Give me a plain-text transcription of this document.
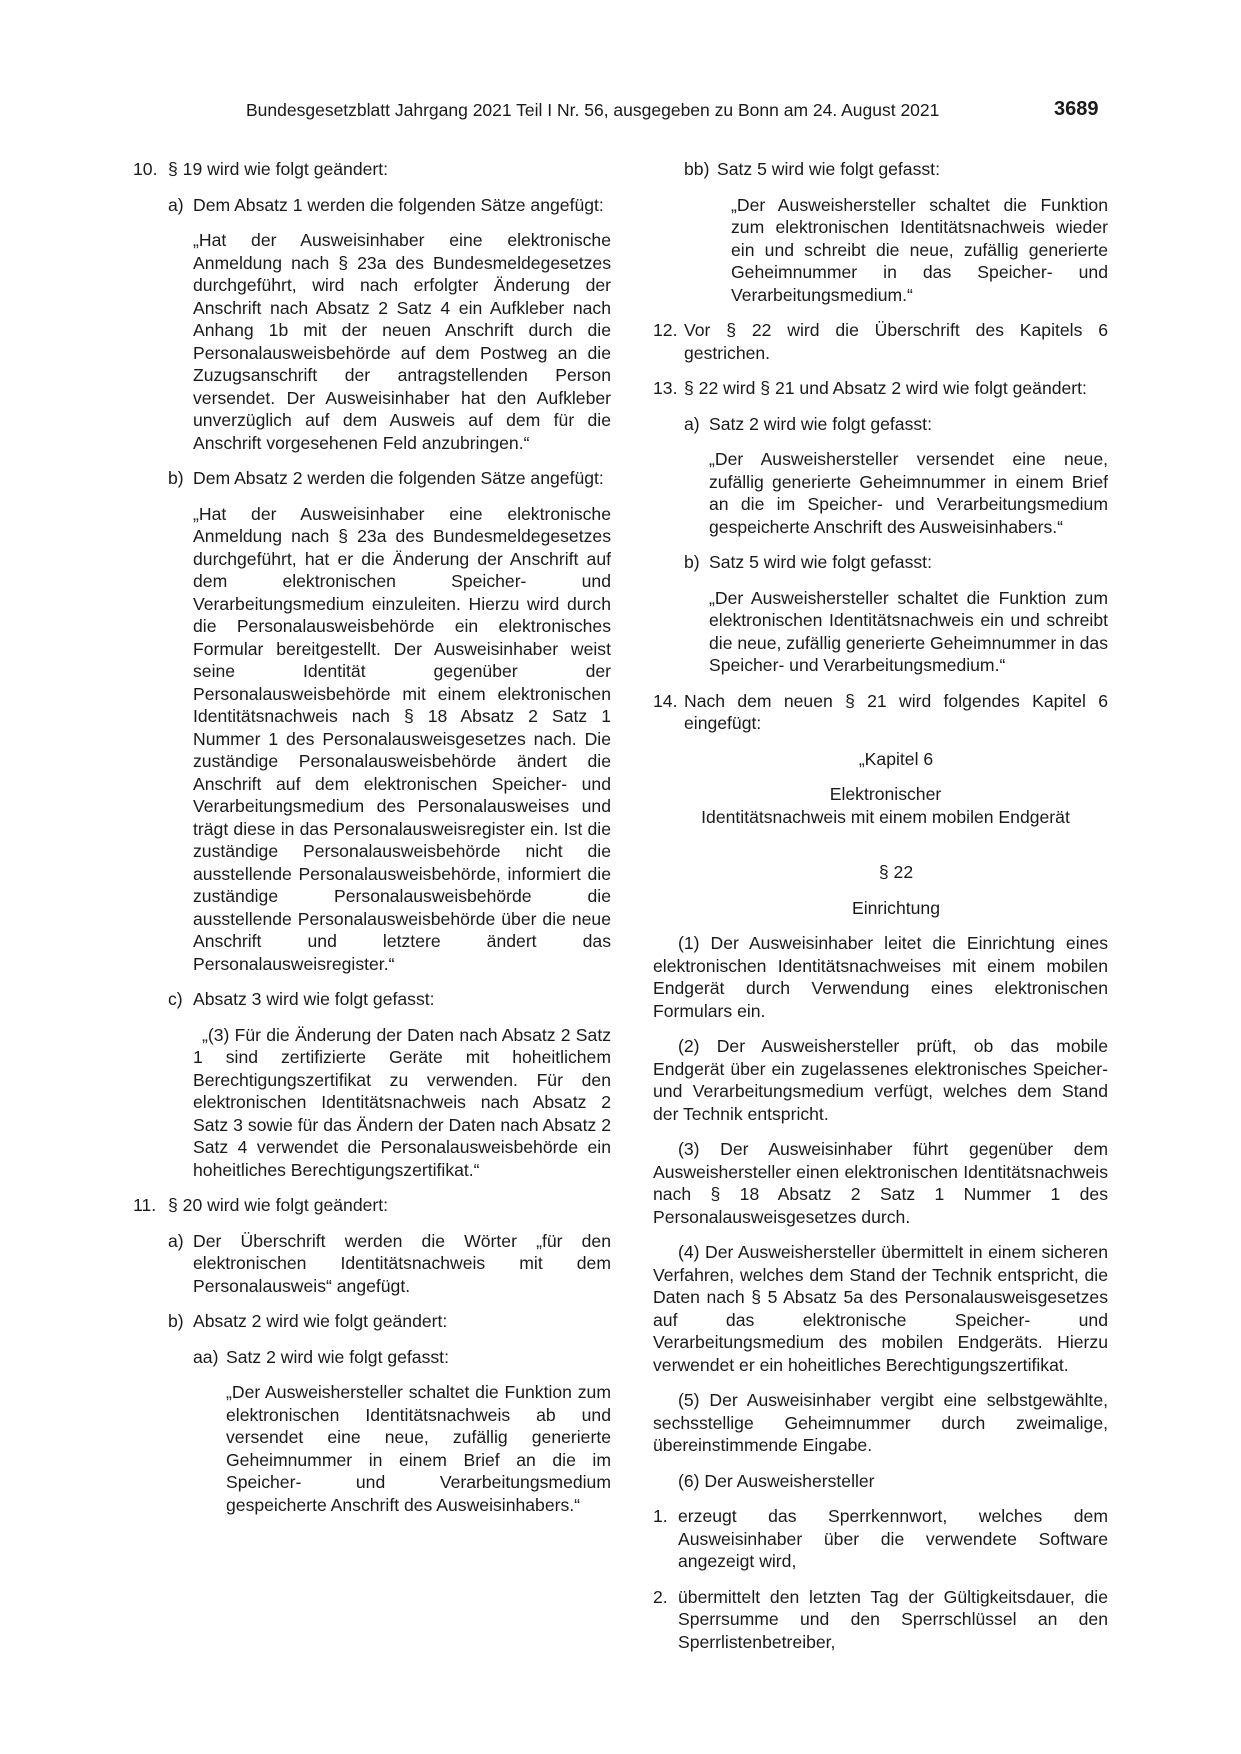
Bundesgesetzblatt Jahrgang 2021 Teil I Nr. 56, ausgegeben zu Bonn am 24. August 2021	3689
10. § 19 wird wie folgt geändert:
a) Dem Absatz 1 werden die folgenden Sätze angefügt:
„Hat der Ausweisinhaber eine elektronische Anmeldung nach § 23a des Bundesmeldegesetzes durchgeführt, wird nach erfolgter Änderung der Anschrift nach Absatz 2 Satz 4 ein Aufkleber nach Anhang 1b mit der neuen Anschrift durch die Personalausweisbehörde auf dem Postweg an die Zuzugsanschrift der antragstellenden Person versendet. Der Ausweisinhaber hat den Aufkleber unverzüglich auf dem Ausweis auf dem für die Anschrift vorgesehenen Feld anzubringen.“
b) Dem Absatz 2 werden die folgenden Sätze angefügt:
„Hat der Ausweisinhaber eine elektronische Anmeldung nach § 23a des Bundesmeldegesetzes durchgeführt, hat er die Änderung der Anschrift auf dem elektronischen Speicher- und Verarbeitungsmedium einzuleiten. Hierzu wird durch die Personalausweisbehörde ein elektronisches Formular bereitgestellt. Der Ausweisinhaber weist seine Identität gegenüber der Personalausweisbehörde mit einem elektronischen Identitätsnachweis nach § 18 Absatz 2 Satz 1 Nummer 1 des Personalausweisgesetzes nach. Die zuständige Personalausweisbehörde ändert die Anschrift auf dem elektronischen Speicher- und Verarbeitungsmedium des Personalausweises und trägt diese in das Personalausweisregister ein. Ist die zuständige Personalausweisbehörde nicht die ausstellende Personalausweisbehörde, informiert die zuständige Personalausweisbehörde die ausstellende Personalausweisbehörde über die neue Anschrift und letztere ändert das Personalausweisregister.“
c) Absatz 3 wird wie folgt gefasst:
„(3) Für die Änderung der Daten nach Absatz 2 Satz 1 sind zertifizierte Geräte mit hoheitlichem Berechtigungszertifikat zu verwenden. Für den elektronischen Identitätsnachweis nach Absatz 2 Satz 3 sowie für das Ändern der Daten nach Absatz 2 Satz 4 verwendet die Personalausweisbehörde ein hoheitliches Berechtigungszertifikat.“
11. § 20 wird wie folgt geändert:
a) Der Überschrift werden die Wörter „für den elektronischen Identitätsnachweis mit dem Personalausweis“ angefügt.
b) Absatz 2 wird wie folgt geändert:
aa) Satz 2 wird wie folgt gefasst:
„Der Ausweishersteller schaltet die Funktion zum elektronischen Identitätsnachweis ab und versendet eine neue, zufällig generierte Geheimnummer in einem Brief an die im Speicher- und Verarbeitungsmedium gespeicherte Anschrift des Ausweisinhabers.“
bb) Satz 5 wird wie folgt gefasst:
„Der Ausweishersteller schaltet die Funktion zum elektronischen Identitätsnachweis wieder ein und schreibt die neue, zufällig generierte Geheimnummer in das Speicher- und Verarbeitungsmedium.“
12. Vor § 22 wird die Überschrift des Kapitels 6 gestrichen.
13. § 22 wird § 21 und Absatz 2 wird wie folgt geändert:
a) Satz 2 wird wie folgt gefasst:
„Der Ausweishersteller versendet eine neue, zufällig generierte Geheimnummer in einem Brief an die im Speicher- und Verarbeitungsmedium gespeicherte Anschrift des Ausweisinhabers.“
b) Satz 5 wird wie folgt gefasst:
„Der Ausweishersteller schaltet die Funktion zum elektronischen Identitätsnachweis ein und schreibt die neue, zufällig generierte Geheimnummer in das Speicher- und Verarbeitungsmedium.“
14. Nach dem neuen § 21 wird folgendes Kapitel 6 eingefügt:
„Kapitel 6
Elektronischer
Identitätsnachweis mit einem mobilen Endgerät
§ 22
Einrichtung
(1) Der Ausweisinhaber leitet die Einrichtung eines elektronischen Identitätsnachweises mit einem mobilen Endgerät durch Verwendung eines elektronischen Formulars ein.
(2) Der Ausweishersteller prüft, ob das mobile Endgerät über ein zugelassenes elektronisches Speicher- und Verarbeitungsmedium verfügt, welches dem Stand der Technik entspricht.
(3) Der Ausweisinhaber führt gegenüber dem Ausweishersteller einen elektronischen Identitätsnachweis nach § 18 Absatz 2 Satz 1 Nummer 1 des Personalausweisgesetzes durch.
(4) Der Ausweishersteller übermittelt in einem sicheren Verfahren, welches dem Stand der Technik entspricht, die Daten nach § 5 Absatz 5a des Personalausweisgesetzes auf das elektronische Speicher- und Verarbeitungsmedium des mobilen Endgeräts. Hierzu verwendet er ein hoheitliches Berechtigungszertifikat.
(5) Der Ausweisinhaber vergibt eine selbstgewählte, sechsstellige Geheimnummer durch zweimalige, übereinstimmende Eingabe.
(6) Der Ausweishersteller
1. erzeugt das Sperrkennwort, welches dem Ausweisinhaber über die verwendete Software angezeigt wird,
2. übermittelt den letzten Tag der Gültigkeitsdauer, die Sperrsumme und den Sperrschlüssel an den Sperrlistenbetreiber,
